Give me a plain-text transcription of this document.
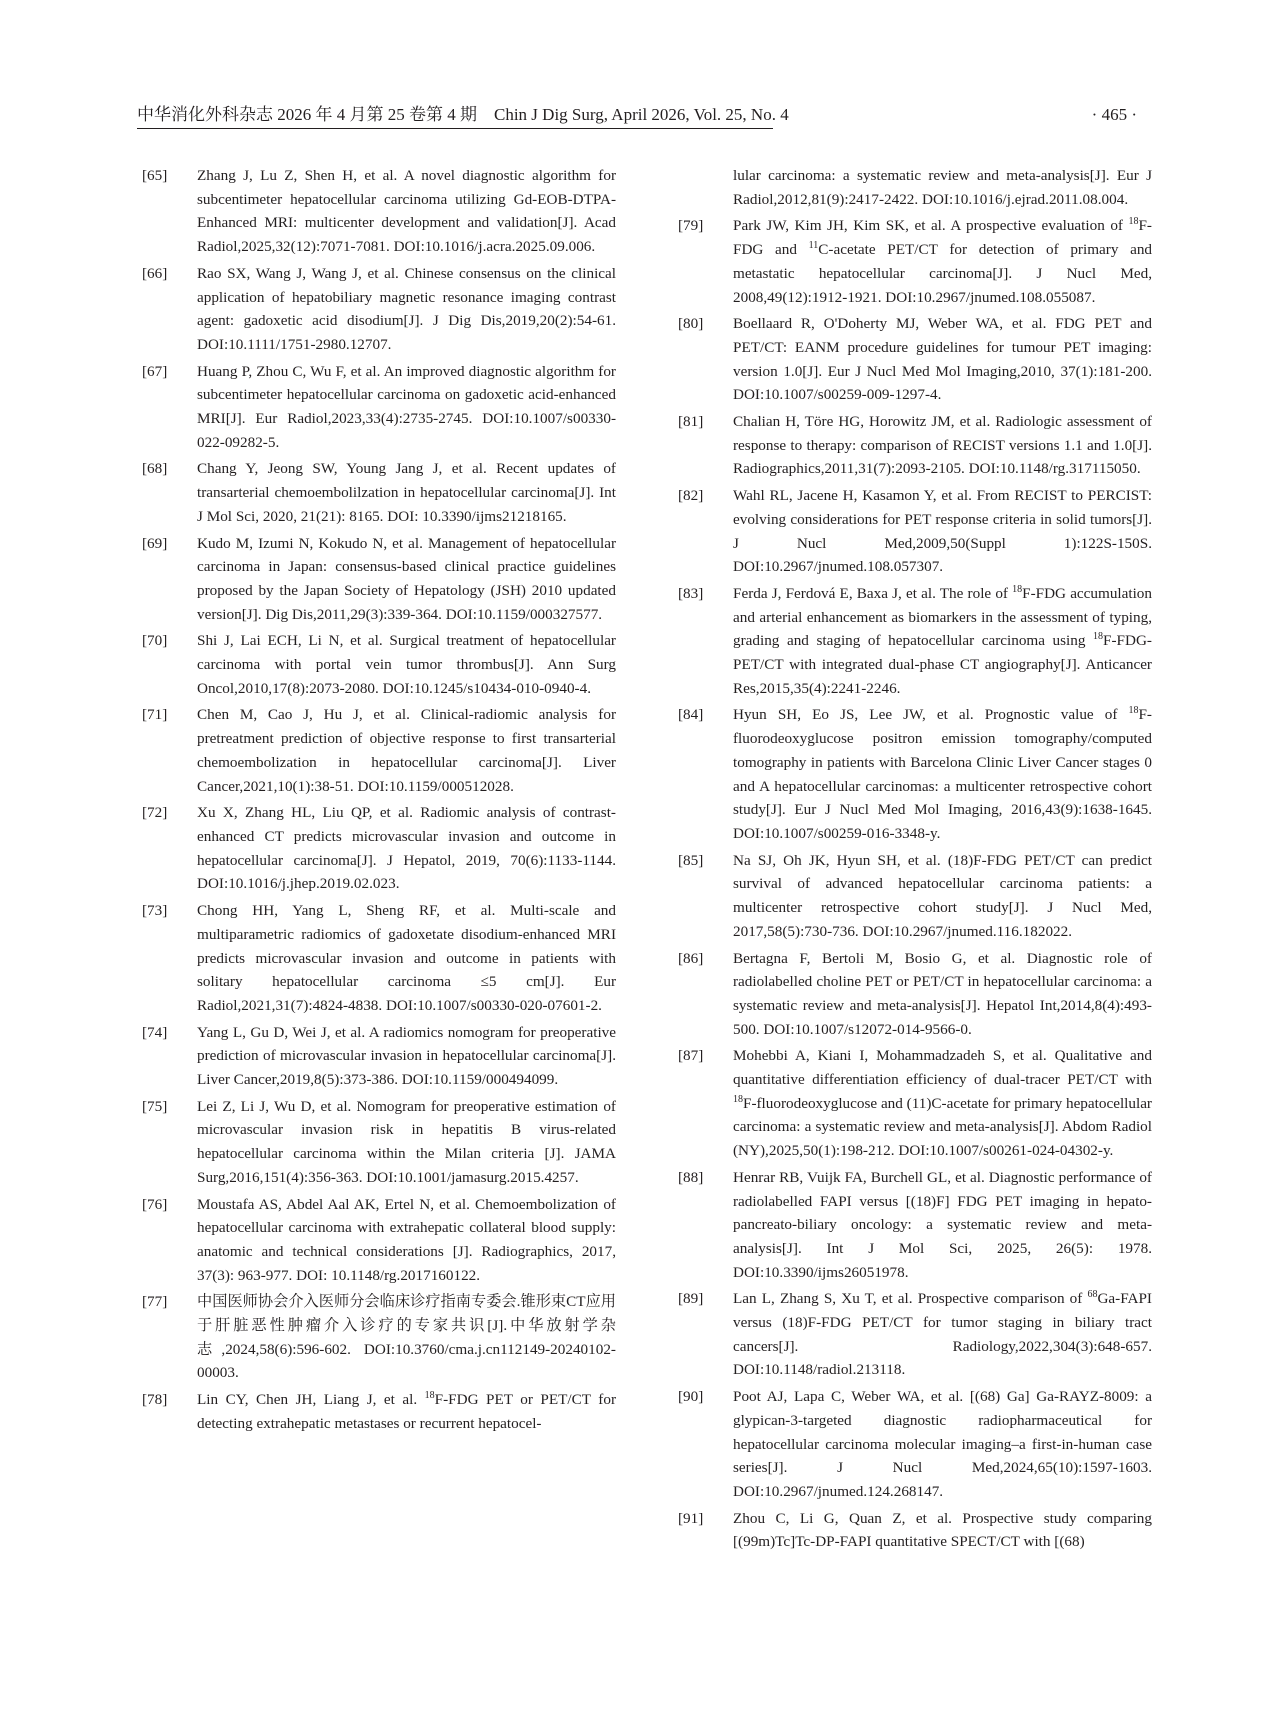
中华消化外科杂志 2026 年 4 月第 25 卷第 4 期　Chin J Dig Surg, April 2026, Vol. 25, No. 4	· 465 ·
[65] Zhang J, Lu Z, Shen H, et al. A novel diagnostic algorithm for subcentimeter hepatocellular carcinoma utilizing Gd-EOB-DTPA-Enhanced MRI: multicenter development and validation[J]. Acad Radiol,2025,32(12):7071-7081. DOI:10.1016/j.acra.2025.09.006.
[66] Rao SX, Wang J, Wang J, et al. Chinese consensus on the clinical application of hepatobiliary magnetic resonance imaging contrast agent: gadoxetic acid disodium[J]. J Dig Dis,2019,20(2):54-61. DOI:10.1111/1751-2980.12707.
[67] Huang P, Zhou C, Wu F, et al. An improved diagnostic algorithm for subcentimeter hepatocellular carcinoma on gadoxetic acid-enhanced MRI[J]. Eur Radiol,2023,33(4):2735-2745. DOI:10.1007/s00330-022-09282-5.
[68] Chang Y, Jeong SW, Young Jang J, et al. Recent updates of transarterial chemoembolilzation in hepatocellular carcinoma[J]. Int J Mol Sci, 2020, 21(21): 8165. DOI: 10.3390/ijms21218165.
[69] Kudo M, Izumi N, Kokudo N, et al. Management of hepatocellular carcinoma in Japan: consensus-based clinical practice guidelines proposed by the Japan Society of Hepatology (JSH) 2010 updated version[J]. Dig Dis,2011,29(3):339-364. DOI:10.1159/000327577.
[70] Shi J, Lai ECH, Li N, et al. Surgical treatment of hepatocellular carcinoma with portal vein tumor thrombus[J]. Ann Surg Oncol,2010,17(8):2073-2080. DOI:10.1245/s10434-010-0940-4.
[71] Chen M, Cao J, Hu J, et al. Clinical-radiomic analysis for pretreatment prediction of objective response to first transarterial chemoembolization in hepatocellular carcinoma[J]. Liver Cancer,2021,10(1):38-51. DOI:10.1159/000512028.
[72] Xu X, Zhang HL, Liu QP, et al. Radiomic analysis of contrast-enhanced CT predicts microvascular invasion and outcome in hepatocellular carcinoma[J]. J Hepatol, 2019, 70(6):1133-1144. DOI:10.1016/j.jhep.2019.02.023.
[73] Chong HH, Yang L, Sheng RF, et al. Multi-scale and multiparametric radiomics of gadoxetate disodium-enhanced MRI predicts microvascular invasion and outcome in patients with solitary hepatocellular carcinoma ≤5 cm[J]. Eur Radiol,2021,31(7):4824-4838. DOI:10.1007/s00330-020-07601-2.
[74] Yang L, Gu D, Wei J, et al. A radiomics nomogram for preoperative prediction of microvascular invasion in hepatocellular carcinoma[J]. Liver Cancer,2019,8(5):373-386. DOI:10.1159/000494099.
[75] Lei Z, Li J, Wu D, et al. Nomogram for preoperative estimation of microvascular invasion risk in hepatitis B virus-related hepatocellular carcinoma within the Milan criteria [J]. JAMA Surg,2016,151(4):356-363. DOI:10.1001/jamasurg.2015.4257.
[76] Moustafa AS, Abdel Aal AK, Ertel N, et al. Chemoembolization of hepatocellular carcinoma with extrahepatic collateral blood supply: anatomic and technical considerations [J]. Radiographics, 2017, 37(3): 963-977. DOI: 10.1148/rg.2017160122.
[77] 中国医师协会介入医师分会临床诊疗指南专委会.锥形束CT应用于肝脏恶性肿瘤介入诊疗的专家共识[J].中华放射学杂志,2024,58(6):596-602. DOI:10.3760/cma.j.cn112149-20240102-00003.
[78] Lin CY, Chen JH, Liang J, et al. $^{18}$F-FDG PET or PET/CT for detecting extrahepatic metastases or recurrent hepatocel-
lular carcinoma: a systematic review and meta-analysis[J]. Eur J Radiol,2012,81(9):2417-2422. DOI:10.1016/j.ejrad.2011.08.004.
[79] Park JW, Kim JH, Kim SK, et al. A prospective evaluation of $^{18}$F-FDG and $^{11}$C-acetate PET/CT for detection of primary and metastatic hepatocellular carcinoma[J]. J Nucl Med, 2008,49(12):1912-1921. DOI:10.2967/jnumed.108.055087.
[80] Boellaard R, O'Doherty MJ, Weber WA, et al. FDG PET and PET/CT: EANM procedure guidelines for tumour PET imaging: version 1.0[J]. Eur J Nucl Med Mol Imaging,2010, 37(1):181-200. DOI:10.1007/s00259-009-1297-4.
[81] Chalian H, Töre HG, Horowitz JM, et al. Radiologic assessment of response to therapy: comparison of RECIST versions 1.1 and 1.0[J]. Radiographics,2011,31(7):2093-2105. DOI:10.1148/rg.317115050.
[82] Wahl RL, Jacene H, Kasamon Y, et al. From RECIST to PERCIST: evolving considerations for PET response criteria in solid tumors[J]. J Nucl Med,2009,50(Suppl 1):122S-150S. DOI:10.2967/jnumed.108.057307.
[83] Ferda J, Ferdová E, Baxa J, et al. The role of $^{18}$F-FDG accumulation and arterial enhancement as biomarkers in the assessment of typing, grading and staging of hepatocellular carcinoma using $^{18}$F-FDG-PET/CT with integrated dual-phase CT angiography[J]. Anticancer Res,2015,35(4):2241-2246.
[84] Hyun SH, Eo JS, Lee JW, et al. Prognostic value of $^{18}$F-fluorodeoxyglucose positron emission tomography/computed tomography in patients with Barcelona Clinic Liver Cancer stages 0 and A hepatocellular carcinomas: a multicenter retrospective cohort study[J]. Eur J Nucl Med Mol Imaging, 2016,43(9):1638-1645. DOI:10.1007/s00259-016-3348-y.
[85] Na SJ, Oh JK, Hyun SH, et al. (18)F-FDG PET/CT can predict survival of advanced hepatocellular carcinoma patients: a multicenter retrospective cohort study[J]. J Nucl Med, 2017,58(5):730-736. DOI:10.2967/jnumed.116.182022.
[86] Bertagna F, Bertoli M, Bosio G, et al. Diagnostic role of radiolabelled choline PET or PET/CT in hepatocellular carcinoma: a systematic review and meta-analysis[J]. Hepatol Int,2014,8(4):493-500. DOI:10.1007/s12072-014-9566-0.
[87] Mohebbi A, Kiani I, Mohammadzadeh S, et al. Qualitative and quantitative differentiation efficiency of dual-tracer PET/CT with $^{18}$F-fluorodeoxyglucose and (11)C-acetate for primary hepatocellular carcinoma: a systematic review and meta-analysis[J]. Abdom Radiol (NY),2025,50(1):198-212. DOI:10.1007/s00261-024-04302-y.
[88] Henrar RB, Vuijk FA, Burchell GL, et al. Diagnostic performance of radiolabelled FAPI versus [(18)F] FDG PET imaging in hepato-pancreato-biliary oncology: a systematic review and meta-analysis[J]. Int J Mol Sci, 2025, 26(5): 1978. DOI:10.3390/ijms26051978.
[89] Lan L, Zhang S, Xu T, et al. Prospective comparison of $^{68}$Ga-FAPI versus (18)F-FDG PET/CT for tumor staging in biliary tract cancers[J]. Radiology,2022,304(3):648-657. DOI:10.1148/radiol.213118.
[90] Poot AJ, Lapa C, Weber WA, et al. [(68) Ga] Ga-RAYZ-8009: a glypican-3-targeted diagnostic radiopharmaceutical for hepatocellular carcinoma molecular imaging–a first-in-human case series[J]. J Nucl Med,2024,65(10):1597-1603. DOI:10.2967/jnumed.124.268147.
[91] Zhou C, Li G, Quan Z, et al. Prospective study comparing [(99m)Tc]Tc-DP-FAPI quantitative SPECT/CT with [(68)
